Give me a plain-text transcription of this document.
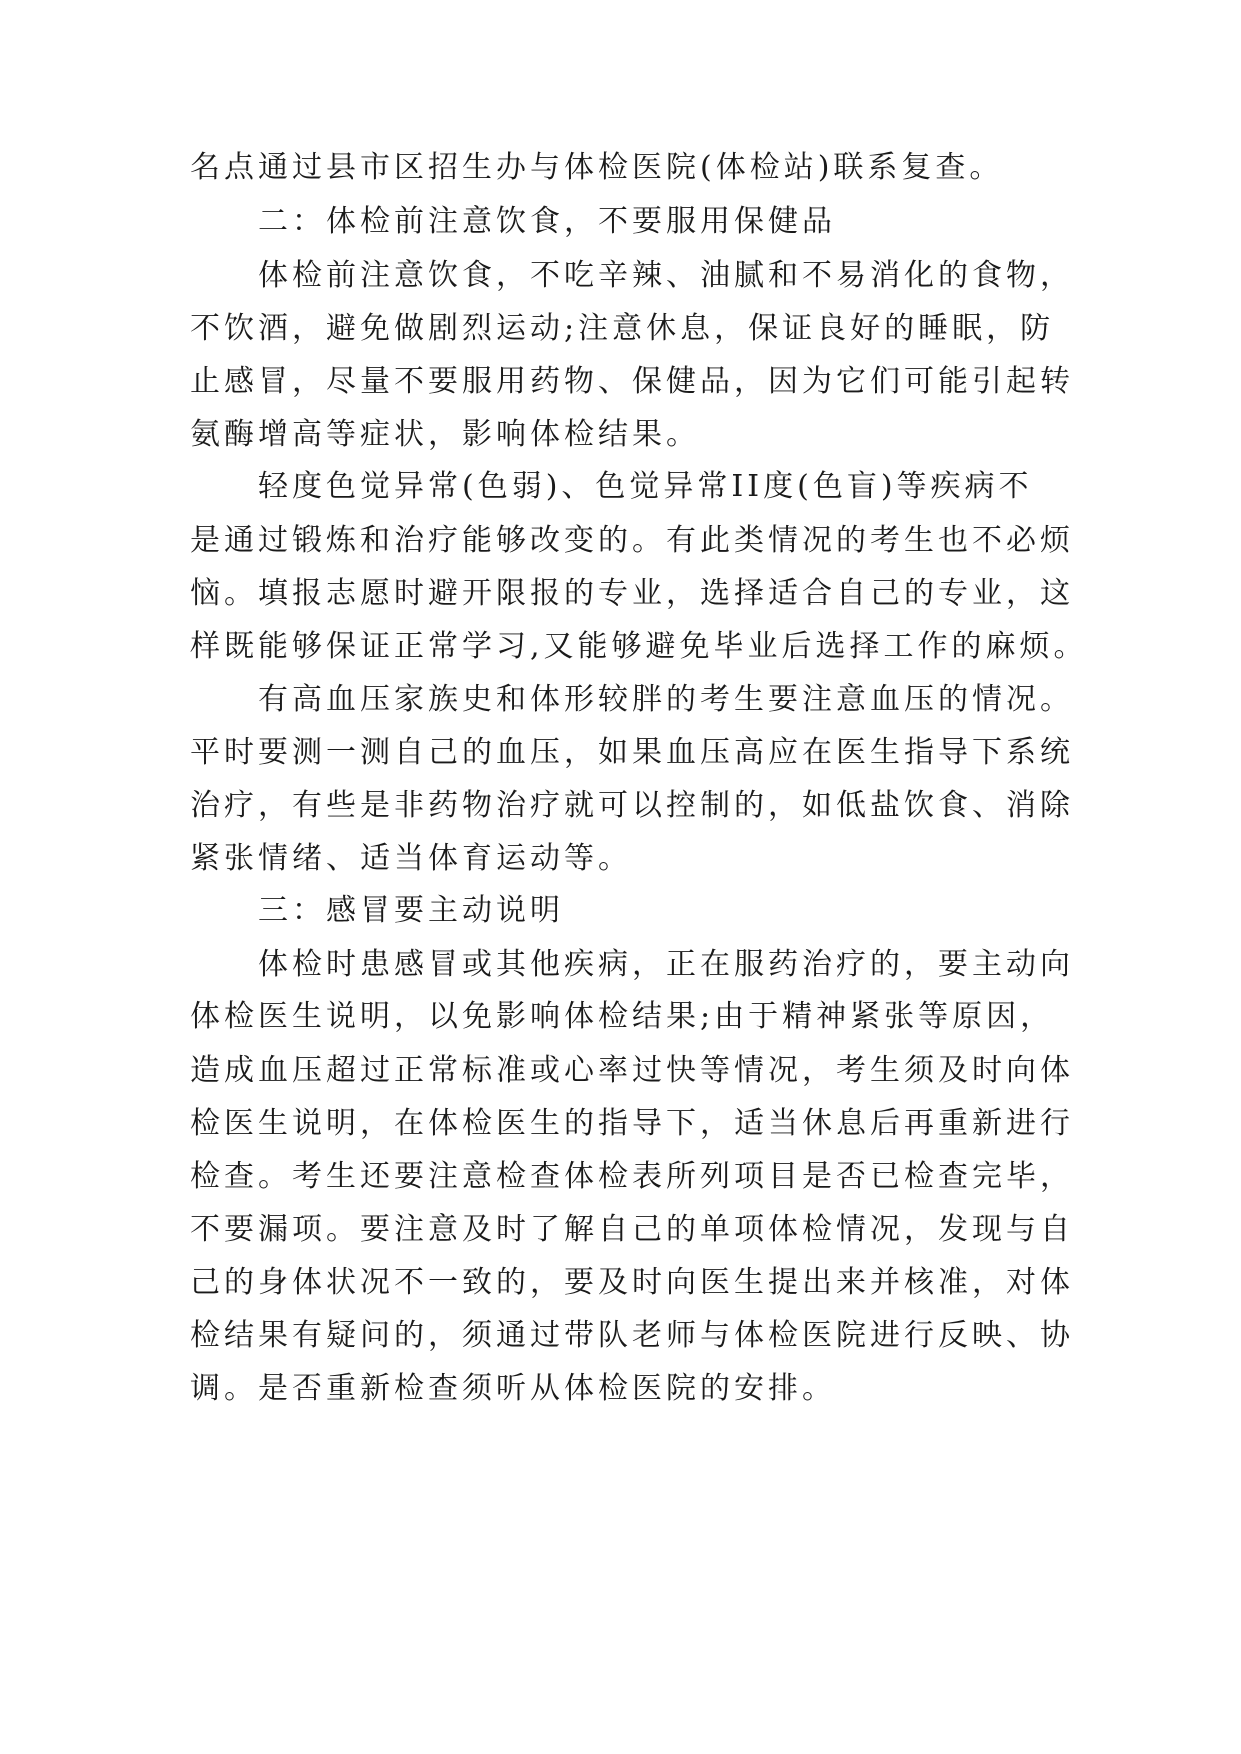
名点通过县市区招生办与体检医院(体检站)联系复查。
二：体检前注意饮食，不要服用保健品
体检前注意饮食，不吃辛辣、油腻和不易消化的食物，
不饮酒，避免做剧烈运动;注意休息，保证良好的睡眠，防
止感冒，尽量不要服用药物、保健品，因为它们可能引起转
氨酶增高等症状，影响体检结果。
轻度色觉异常(色弱)、色觉异常II度(色盲)等疾病不
是通过锻炼和治疗能够改变的。有此类情况的考生也不必烦
恼。填报志愿时避开限报的专业，选择适合自己的专业，这
样既能够保证正常学习,又能够避免毕业后选择工作的麻烦。
有高血压家族史和体形较胖的考生要注意血压的情况。
平时要测一测自己的血压，如果血压高应在医生指导下系统
治疗，有些是非药物治疗就可以控制的，如低盐饮食、消除
紧张情绪、适当体育运动等。
三：感冒要主动说明
体检时患感冒或其他疾病，正在服药治疗的，要主动向
体检医生说明，以免影响体检结果;由于精神紧张等原因，
造成血压超过正常标准或心率过快等情况，考生须及时向体
检医生说明，在体检医生的指导下，适当休息后再重新进行
检查。考生还要注意检查体检表所列项目是否已检查完毕，
不要漏项。要注意及时了解自己的单项体检情况，发现与自
己的身体状况不一致的，要及时向医生提出来并核准，对体
检结果有疑问的，须通过带队老师与体检医院进行反映、协
调。是否重新检查须听从体检医院的安排。
